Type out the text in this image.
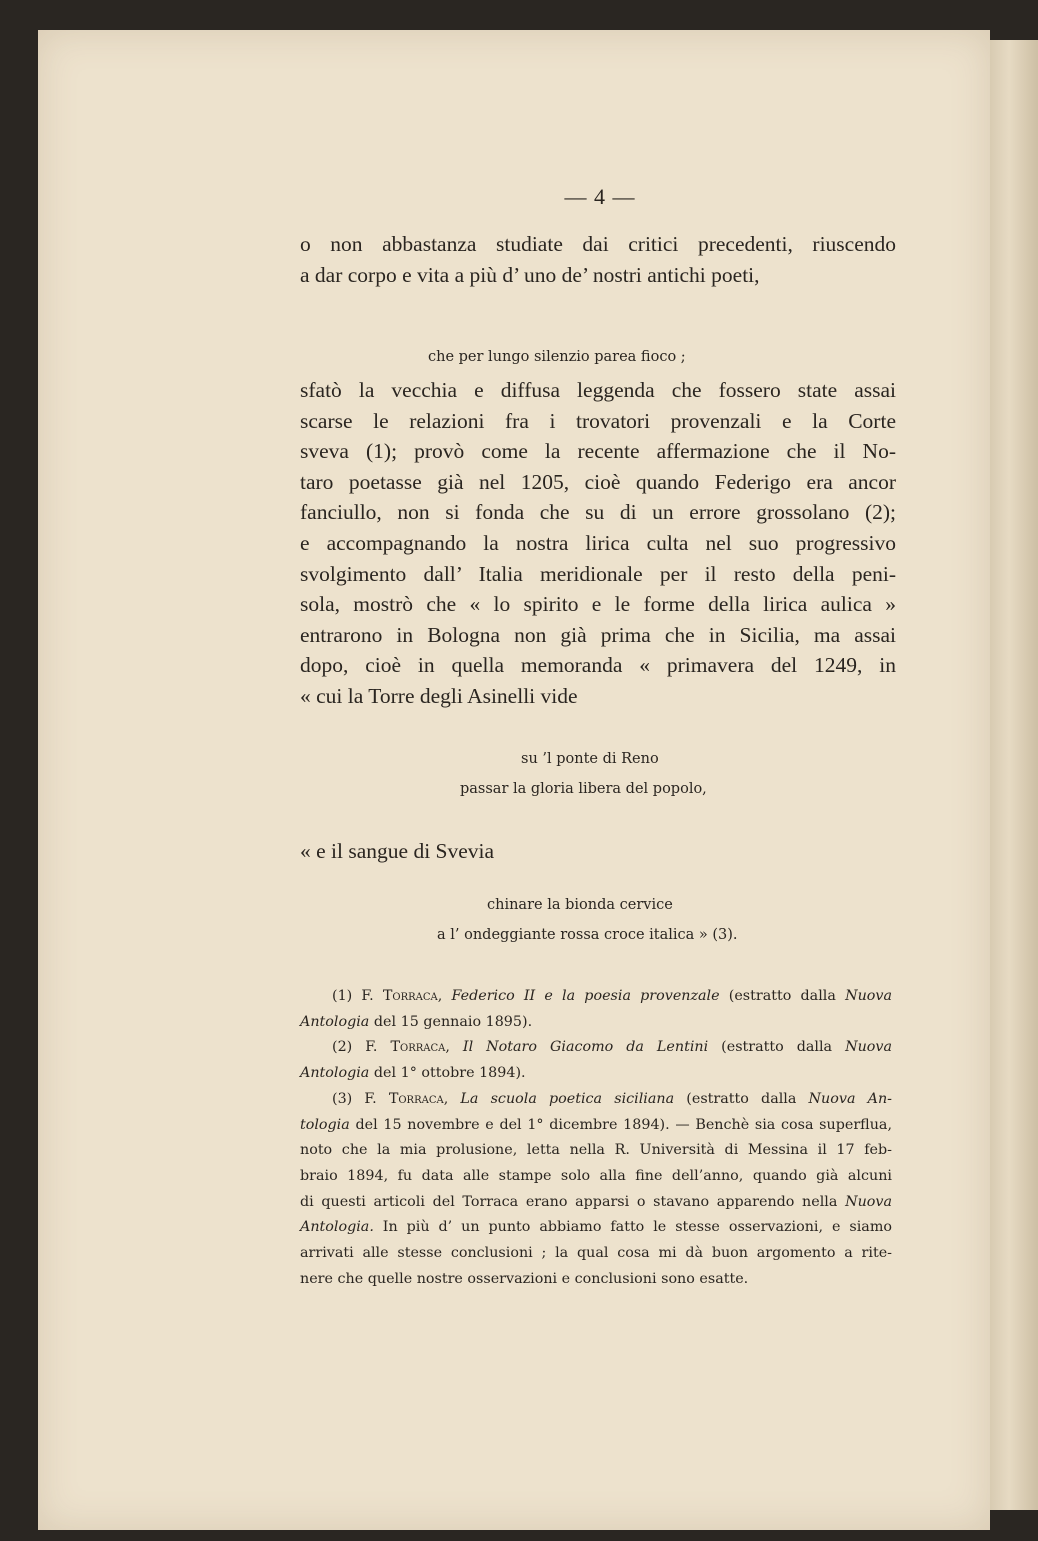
— 4 —
o non abbastanza studiate dai critici precedenti, riuscendo
a dar corpo e vita a più d’ uno de’ nostri antichi poeti,
che per lungo silenzio parea fioco ;
sfatò la vecchia e diffusa leggenda che fossero state assai
scarse le relazioni fra i trovatori provenzali e la Corte
sveva (1); provò come la recente affermazione che il No-
taro poetasse già nel 1205, cioè quando Federigo era ancor
fanciullo, non si fonda che su di un errore grossolano (2);
e accompagnando la nostra lirica culta nel suo progressivo
svolgimento dall’ Italia meridionale per il resto della peni-
sola, mostrò che « lo spirito e le forme della lirica aulica »
entrarono in Bologna non già prima che in Sicilia, ma assai
dopo, cioè in quella memoranda « primavera del 1249, in
« cui la Torre degli Asinelli vide
su ’l ponte di Reno
passar la gloria libera del popolo,
« e il sangue di Svevia
chinare la bionda cervice
a l’ ondeggiante rossa croce italica » (3).
(1) F. Torraca, Federico II e la poesia provenzale (estratto dalla Nuova
Antologia del 15 gennaio 1895).
(2) F. Torraca, Il Notaro Giacomo da Lentini (estratto dalla Nuova
Antologia del 1° ottobre 1894).
(3) F. Torraca, La scuola poetica siciliana (estratto dalla Nuova An-
tologia del 15 novembre e del 1° dicembre 1894). — Benchè sia cosa superflua,
noto che la mia prolusione, letta nella R. Università di Messina il 17 feb-
braio 1894, fu data alle stampe solo alla fine dell’anno, quando già alcuni
di questi articoli del Torraca erano apparsi o stavano apparendo nella Nuova
Antologia. In più d’ un punto abbiamo fatto le stesse osservazioni, e siamo
arrivati alle stesse conclusioni ; la qual cosa mi dà buon argomento a rite-
nere che quelle nostre osservazioni e conclusioni sono esatte.
